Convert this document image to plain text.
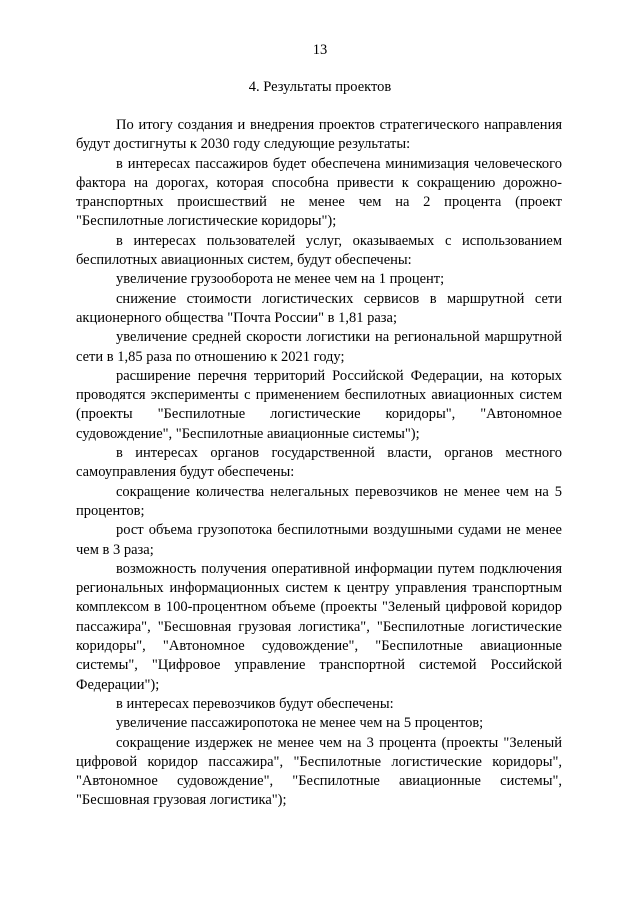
13
4. Результаты проектов

По итогу создания и внедрения проектов стратегического направления будут достигнуты к 2030 году следующие результаты:

в интересах пассажиров будет обеспечена минимизация человеческого фактора на дорогах, которая способна привести к сокращению дорожно-транспортных происшествий не менее чем на 2 процента (проект "Беспилотные логистические коридоры");

в интересах пользователей услуг, оказываемых с использованием беспилотных авиационных систем, будут обеспечены:

увеличение грузооборота не менее чем на 1 процент;

снижение стоимости логистических сервисов в маршрутной сети акционерного общества "Почта России" в 1,81 раза;

увеличение средней скорости логистики на региональной маршрутной сети в 1,85 раза по отношению к 2021 году;

расширение перечня территорий Российской Федерации, на которых проводятся эксперименты с применением беспилотных авиационных систем (проекты "Беспилотные логистические коридоры", "Автономное судовождение", "Беспилотные авиационные системы");

в интересах органов государственной власти, органов местного самоуправления будут обеспечены:

сокращение количества нелегальных перевозчиков не менее чем на 5 процентов;

рост объема грузопотока беспилотными воздушными судами не менее чем в 3 раза;

возможность получения оперативной информации путем подключения региональных информационных систем к центру управления транспортным комплексом в 100-процентном объеме (проекты "Зеленый цифровой коридор пассажира", "Бесшовная грузовая логистика", "Беспилотные логистические коридоры", "Автономное судовождение", "Беспилотные авиационные системы", "Цифровое управление транспортной системой Российской Федерации");

в интересах перевозчиков будут обеспечены:

увеличение пассажиропотока не менее чем на 5 процентов;

сокращение издержек не менее чем на 3 процента (проекты "Зеленый цифровой коридор пассажира", "Беспилотные логистические коридоры", "Автономное судовождение", "Беспилотные авиационные системы", "Бесшовная грузовая логистика");
